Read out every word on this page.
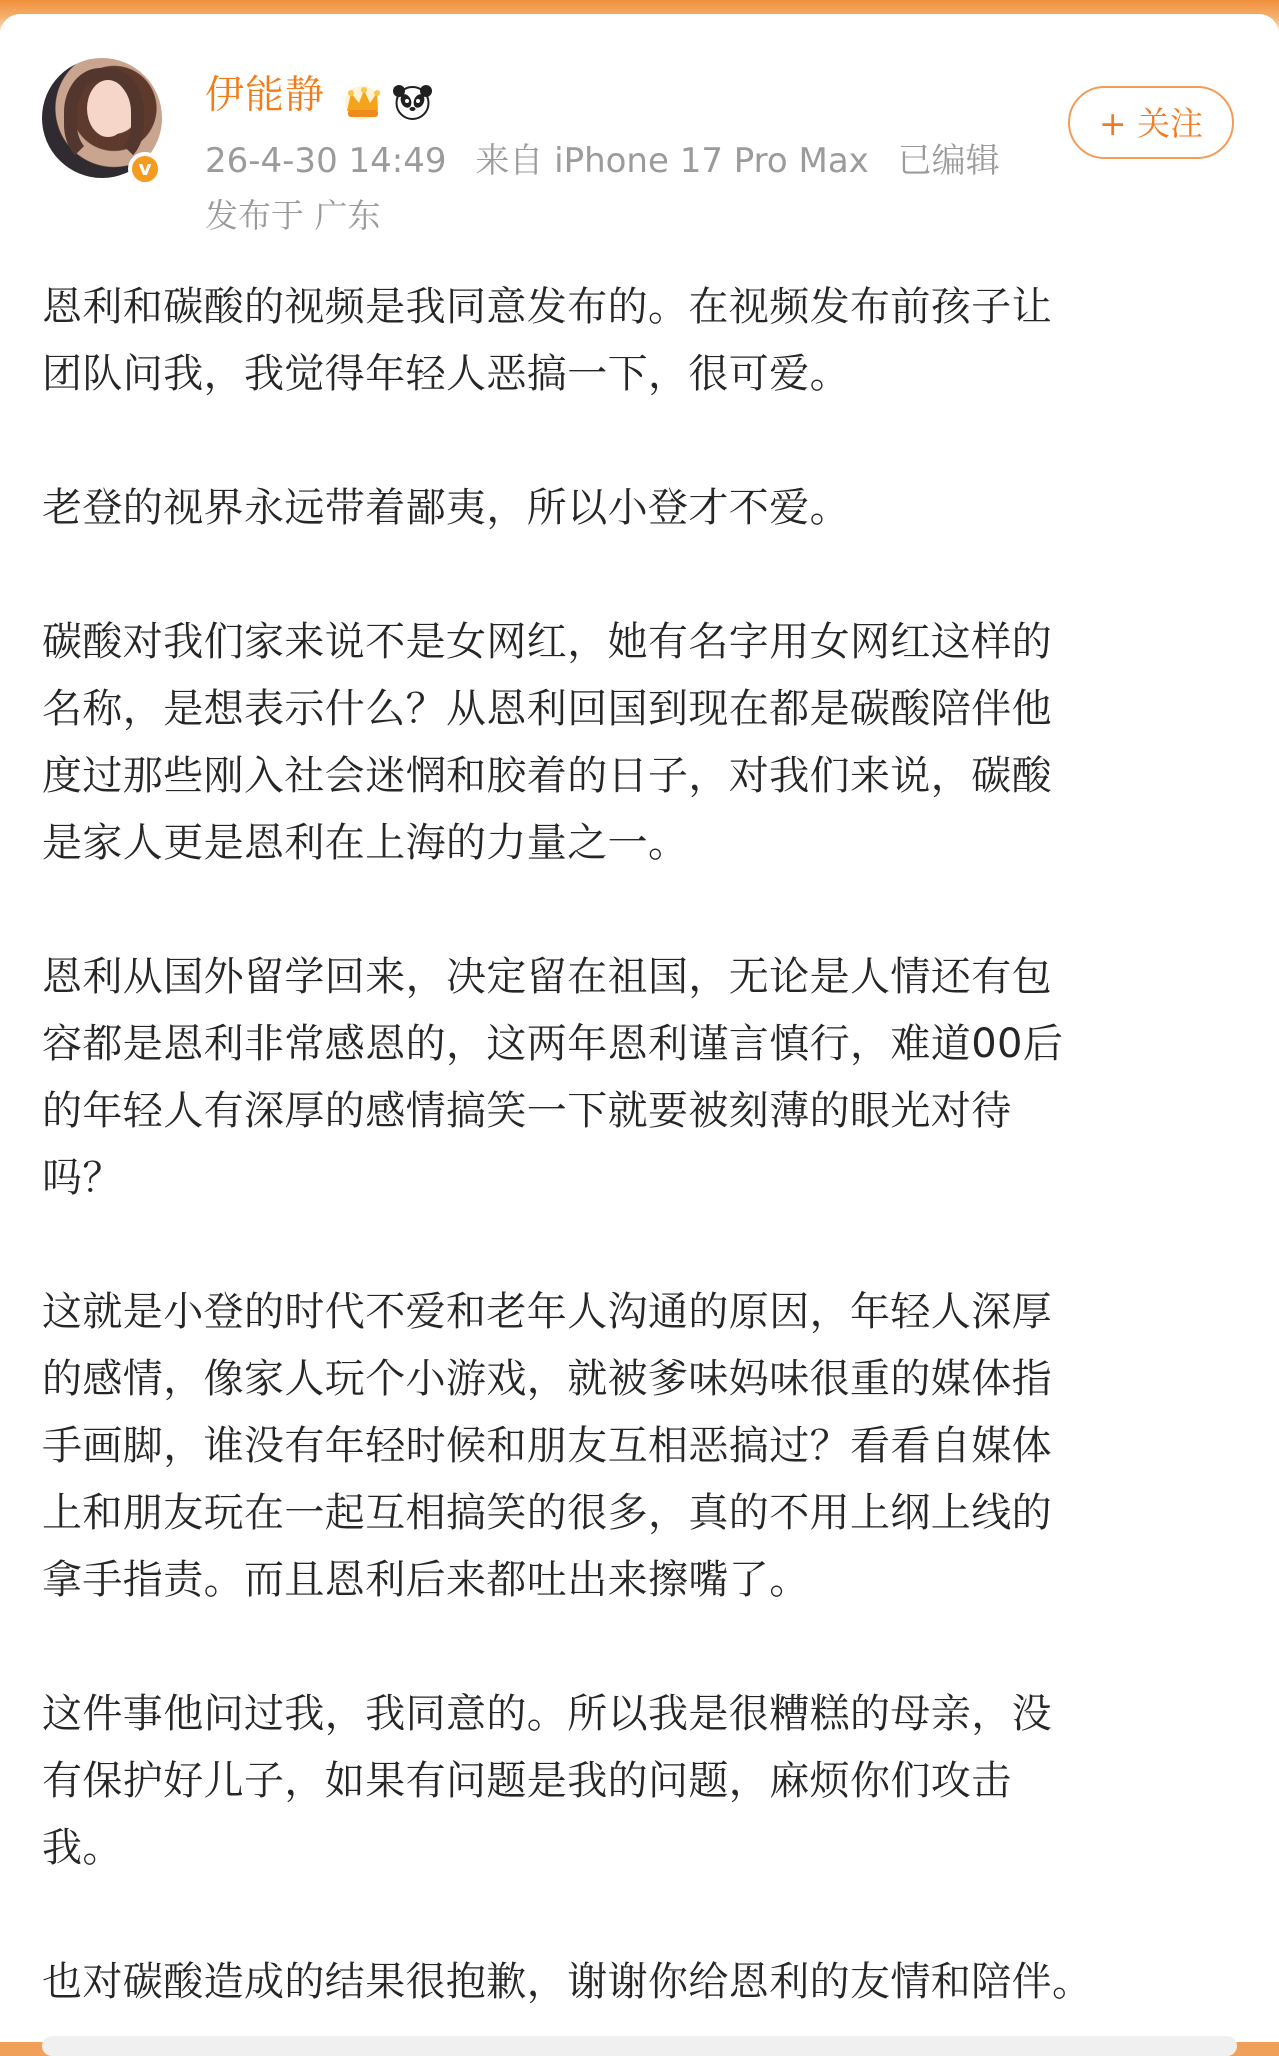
v
伊能静
26-4-30 14:49 来自 iPhone 17 Pro Max 已编辑
发布于 广东
+ 关注

恩利和碳酸的视频是我同意发布的。在视频发布前孩子让
团队问我，我觉得年轻人恶搞一下，很可爱。

老登的视界永远带着鄙夷，所以小登才不爱。

碳酸对我们家来说不是女网红，她有名字用女网红这样的
名称，是想表示什么？从恩利回国到现在都是碳酸陪伴他
度过那些刚入社会迷惘和胶着的日子，对我们来说，碳酸
是家人更是恩利在上海的力量之一。

恩利从国外留学回来，决定留在祖国，无论是人情还有包
容都是恩利非常感恩的，这两年恩利谨言慎行，难道00后
的年轻人有深厚的感情搞笑一下就要被刻薄的眼光对待
吗？

这就是小登的时代不爱和老年人沟通的原因，年轻人深厚
的感情，像家人玩个小游戏，就被爹味妈味很重的媒体指
手画脚，谁没有年轻时候和朋友互相恶搞过？看看自媒体
上和朋友玩在一起互相搞笑的很多，真的不用上纲上线的
拿手指责。而且恩利后来都吐出来擦嘴了。

这件事他问过我，我同意的。所以我是很糟糕的母亲，没
有保护好儿子，如果有问题是我的问题，麻烦你们攻击
我。

也对碳酸造成的结果很抱歉，谢谢你给恩利的友情和陪伴。
